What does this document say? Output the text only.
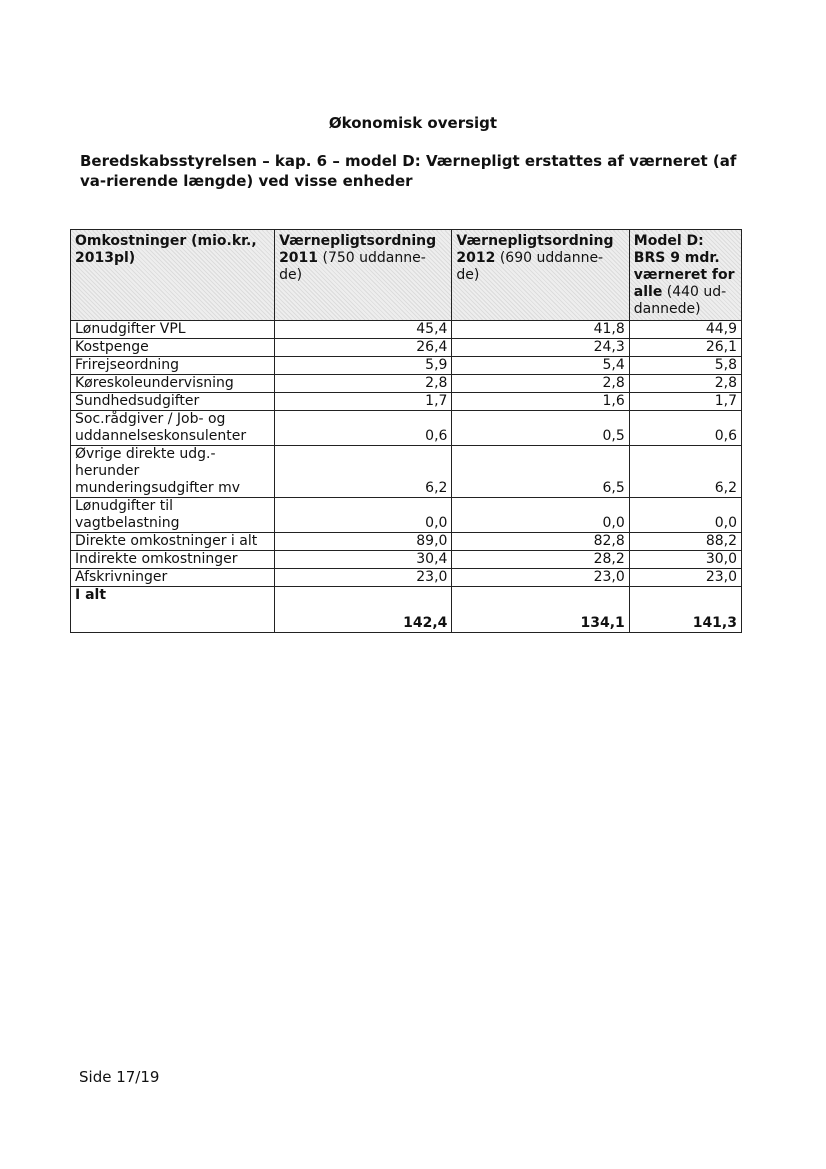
Økonomisk oversigt
Beredskabsstyrelsen – kap. 6 – model D: Værnepligt erstattes af værneret (af va-rierende længde) ved visse enheder
Omkostninger (mio.kr., 2013pl)	Værnepligtsordning 2011 (750 uddanne-de)	Værnepligtsordning 2012 (690 uddanne-de)	Model D: BRS 9 mdr. værneret for alle (440 ud-dannede)
Lønudgifter VPL	45,4	41,8	44,9
Kostpenge	26,4	24,3	26,1
Frirejseordning	5,9	5,4	5,8
Køreskoleundervisning	2,8	2,8	2,8
Sundhedsudgifter	1,7	1,6	1,7
Soc.rådgiver / Job- og uddannelseskonsulenter	0,6	0,5	0,6
Øvrige direkte udg.- herunder munderingsudgifter mv	6,2	6,5	6,2
Lønudgifter til vagtbelastning	0,0	0,0	0,0
Direkte omkostninger i alt	89,0	82,8	88,2
Indirekte omkostninger	30,4	28,2	30,0
Afskrivninger	23,0	23,0	23,0
I alt	142,4	134,1	141,3
Side 17/19
